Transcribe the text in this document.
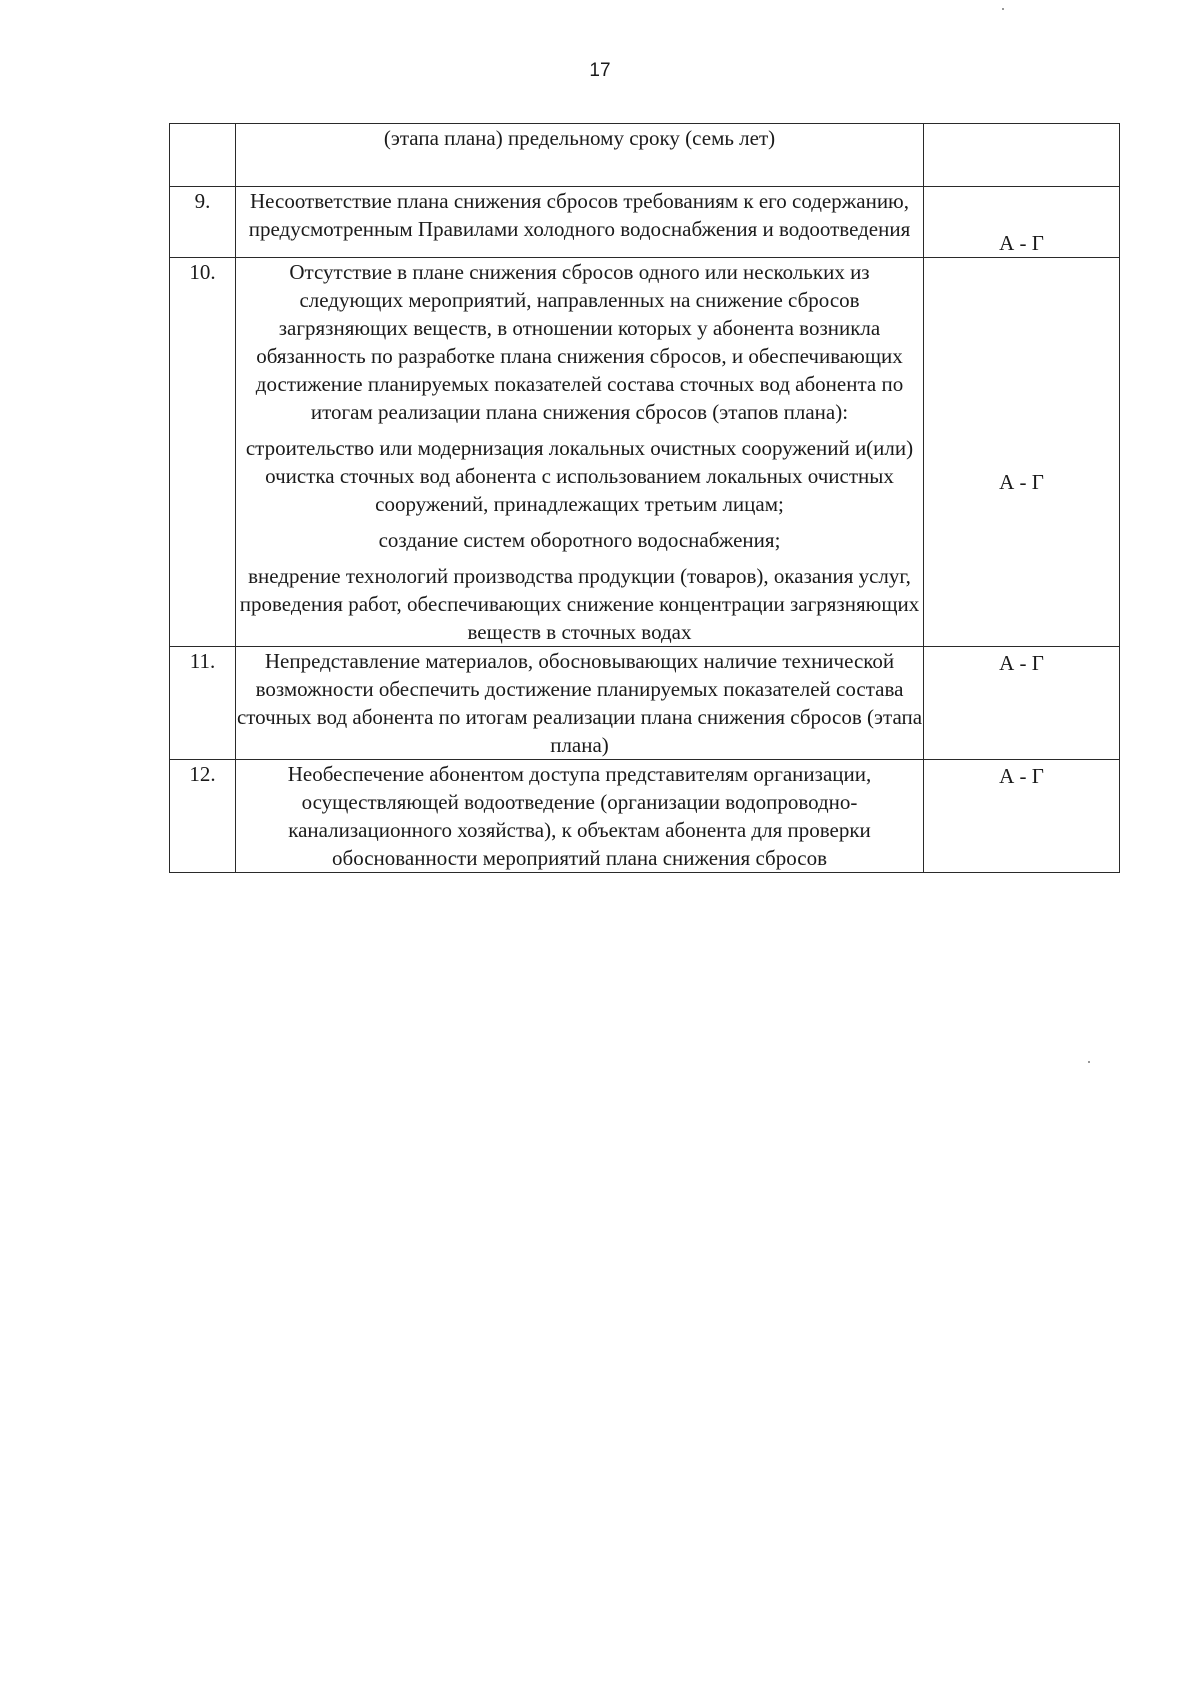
17

	(этапа плана) предельному сроку (семь лет)	

9.	Несоответствие плана снижения сбросов требованиям к его содержанию, предусмотренным Правилами холодного водоснабжения и водоотведения	А - Г

10.	Отсутствие в плане снижения сбросов одного или нескольких из следующих мероприятий, направленных на снижение сбросов загрязняющих веществ, в отношении которых у абонента возникла обязанность по разработке плана снижения сбросов, и обеспечивающих достижение планируемых показателей состава сточных вод абонента по итогам реализации плана снижения сбросов (этапов плана):

строительство или модернизация локальных очистных сооружений и(или) очистка сточных вод абонента с использованием локальных очистных сооружений, принадлежащих третьим лицам;

создание систем оборотного водоснабжения;

внедрение технологий производства продукции (товаров), оказания услуг, проведения работ, обеспечивающих снижение концентрации загрязняющих веществ в сточных водах	А - Г

11.	Непредставление материалов, обосновывающих наличие технической возможности обеспечить достижение планируемых показателей состава сточных вод абонента по итогам реализации плана снижения сбросов (этапа плана)	А - Г

12.	Необеспечение абонентом доступа представителям организации, осуществляющей водоотведение (организации водопроводно-канализационного хозяйства), к объектам абонента для проверки обоснованности мероприятий плана снижения сбросов	А - Г
